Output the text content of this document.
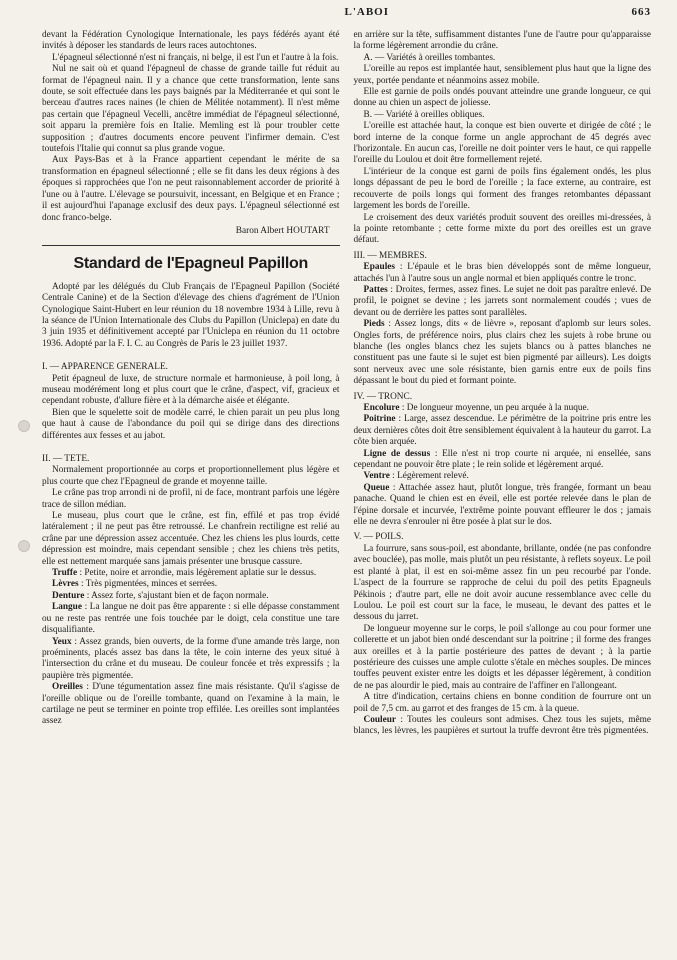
L'ABOI	663

devant la Fédération Cynologique Internationale, les pays fédérés ayant été invités à déposer les standards de leurs races autochtones.

L'épagneul sélectionné n'est ni français, ni belge, il est l'un et l'autre à la fois.

Nul ne sait où et quand l'épagneul de chasse de grande taille fut réduit au format de l'épagneul nain. Il y a chance que cette transformation, lente sans doute, se soit effectuée dans les pays baignés par la Méditerranée et qui sont le berceau d'autres races naines (le chien de Mélitée notamment). Il n'est même pas certain que l'épagneul Vecelli, ancêtre immédiat de l'épagneul sélectionné, soit apparu la première fois en Italie. Memling est là pour troubler cette supposition ; d'autres documents encore peuvent l'infirmer demain. C'est toutefois l'Italie qui connut sa plus grande vogue.

Aux Pays-Bas et à la France appartient cependant le mérite de sa transformation en épagneul sélectionné ; elle se fit dans les deux régions à des époques si rapprochées que l'on ne peut raisonnablement accorder de priorité à l'une ou à l'autre. L'élevage se poursuivit, incessant, en Belgique et en France ; il est aujourd'hui l'apanage exclusif des deux pays. L'épagneul sélectionné est donc franco-belge.

Baron Albert HOUTART

Standard de l'Epagneul Papillon

Adopté par les délégués du Club Français de l'Epagneul Papillon (Société Centrale Canine) et de la Section d'élevage des chiens d'agrément de l'Union Cynologique Saint-Hubert en leur réunion du 18 novembre 1934 à Lille, revu à la séance de l'Union Internationale des Clubs du Papillon (Uniclepa) en date du 3 juin 1935 et définitivement accepté par l'Uniclepa en réunion du 11 octobre 1936. Adopté par la F. I. C. au Congrès de Paris le 23 juillet 1937.

I. — APPARENCE GENERALE.

Petit épagneul de luxe, de structure normale et harmonieuse, à poil long, à museau modérément long et plus court que le crâne, d'aspect, vif, gracieux et cependant robuste, d'allure fière et à la démarche aisée et élégante.

Bien que le squelette soit de modèle carré, le chien parait un peu plus long que haut à cause de l'abondance du poil qui se dirige dans des directions différentes aux fesses et au jabot.

II. — TETE.

Normalement proportionnée au corps et proportionnellement plus légère et plus courte que chez l'Epagneul de grande et moyenne taille.

Le crâne pas trop arrondi ni de profil, ni de face, montrant parfois une légère trace de sillon médian.

Le museau, plus court que le crâne, est fin, effilé et pas trop évidé latéralement ; il ne peut pas être retroussé. Le chanfrein rectiligne est relié au crâne par une dépression assez accentuée. Chez les chiens les plus lourds, cette dépression est moindre, mais cependant sensible ; chez les chiens très petits, elle est nettement marquée sans jamais présenter une brusque cassure.

Truffe : Petite, noire et arrondie, mais légèrement aplatie sur le dessus.

Lèvres : Très pigmentées, minces et serrées.

Denture : Assez forte, s'ajustant bien et de façon normale.

Langue : La langue ne doit pas être apparente : si elle dépasse constamment ou ne reste pas rentrée une fois touchée par le doigt, cela constitue une tare disqualifiante.

Yeux : Assez grands, bien ouverts, de la forme d'une amande très large, non proéminents, placés assez bas dans la tête, le coin interne des yeux situé à l'intersection du crâne et du museau. De couleur foncée et très expressifs ; la paupière très pigmentée.

Oreilles : D'une tégumentation assez fine mais résistante. Qu'il s'agisse de l'oreille oblique ou de l'oreille tombante, quand on l'examine à la main, le cartilage ne peut se terminer en pointe trop effilée. Les oreilles sont implantées assez

en arrière sur la tête, suffisamment distantes l'une de l'autre pour qu'apparaisse la forme légèrement arrondie du crâne.

A. — Variétés à oreilles tombantes.

L'oreille au repos est implantée haut, sensiblement plus haut que la ligne des yeux, portée pendante et néanmoins assez mobile.

Elle est garnie de poils ondés pouvant atteindre une grande longueur, ce qui donne au chien un aspect de joliesse.

B. — Variété à oreilles obliques.

L'oreille est attachée haut, la conque est bien ouverte et dirigée de côté ; le bord interne de la conque forme un angle approchant de 45 degrés avec l'horizontale. En aucun cas, l'oreille ne doit pointer vers le haut, ce qui rappelle l'oreille du Loulou et doit être formellement rejeté.

L'intérieur de la conque est garni de poils fins également ondés, les plus longs dépassant de peu le bord de l'oreille ; la face externe, au contraire, est recouverte de poils longs qui forment des franges retombantes dépassant largement les bords de l'oreille.

Le croisement des deux variétés produit souvent des oreilles mi-dressées, à la pointe retombante ; cette forme mixte du port des oreilles est un grave défaut.

III. — MEMBRES.

Epaules : L'épaule et le bras bien développés sont de même longueur, attachés l'un à l'autre sous un angle normal et bien appliqués contre le tronc.

Pattes : Droites, fermes, assez fines. Le sujet ne doit pas paraître enlevé. De profil, le poignet se devine ; les jarrets sont normalement coudés ; vues de devant ou de derrière les pattes sont parallèles.

Pieds : Assez longs, dits « de lièvre », reposant d'aplomb sur leurs soles. Ongles forts, de préférence noirs, plus clairs chez les sujets à robe brune ou blanche (les ongles blancs chez les sujets blancs ou à pattes blanches ne constituent pas une faute si le sujet est bien pigmenté par ailleurs). Les doigts sont nerveux avec une sole résistante, bien garnis entre eux de poils fins dépassant le bout du pied et formant pointe.

IV. — TRONC.

Encolure : De longueur moyenne, un peu arquée à la nuque.

Poitrine : Large, assez descendue. Le périmètre de la poitrine pris entre les deux dernières côtes doit être sensiblement équivalent à la hauteur du garrot. La côte bien arquée.

Ligne de dessus : Elle n'est ni trop courte ni arquée, ni ensellée, sans cependant ne pouvoir être plate ; le rein solide et légèrement arqué.

Ventre : Légèrement relevé.

Queue : Attachée assez haut, plutôt longue, très frangée, formant un beau panache. Quand le chien est en éveil, elle est portée relevée dans le plan de l'épine dorsale et incurvée, l'extrême pointe pouvant effleurer le dos ; jamais elle ne devra s'enrouler ni être posée à plat sur le dos.

V. — POILS.

La fourrure, sans sous-poil, est abondante, brillante, ondée (ne pas confondre avec bouclée), pas molle, mais plutôt un peu résistante, à reflets soyeux. Le poil est planté à plat, il est en soi-même assez fin un peu recourbé par l'onde. L'aspect de la fourrure se rapproche de celui du poil des petits Epagneuls Pékinois ; d'autre part, elle ne doit avoir aucune ressemblance avec celle du Loulou. Le poil est court sur la face, le museau, le devant des pattes et le dessous du jarret.

De longueur moyenne sur le corps, le poil s'allonge au cou pour former une collerette et un jabot bien ondé descendant sur la poitrine ; il forme des franges aux oreilles et à la partie postérieure des pattes de devant ; à la partie postérieure des cuisses une ample culotte s'étale en mèches souples. De minces touffes peuvent exister entre les doigts et les dépasser légèrement, à condition de ne pas alourdir le pied, mais au contraire de l'affiner en l'allongeant.

A titre d'indication, certains chiens en bonne condition de fourrure ont un poil de 7,5 cm. au garrot et des franges de 15 cm. à la queue.

Couleur : Toutes les couleurs sont admises. Chez tous les sujets, même blancs, les lèvres, les paupières et surtout la truffe devront être très pigmentées.
